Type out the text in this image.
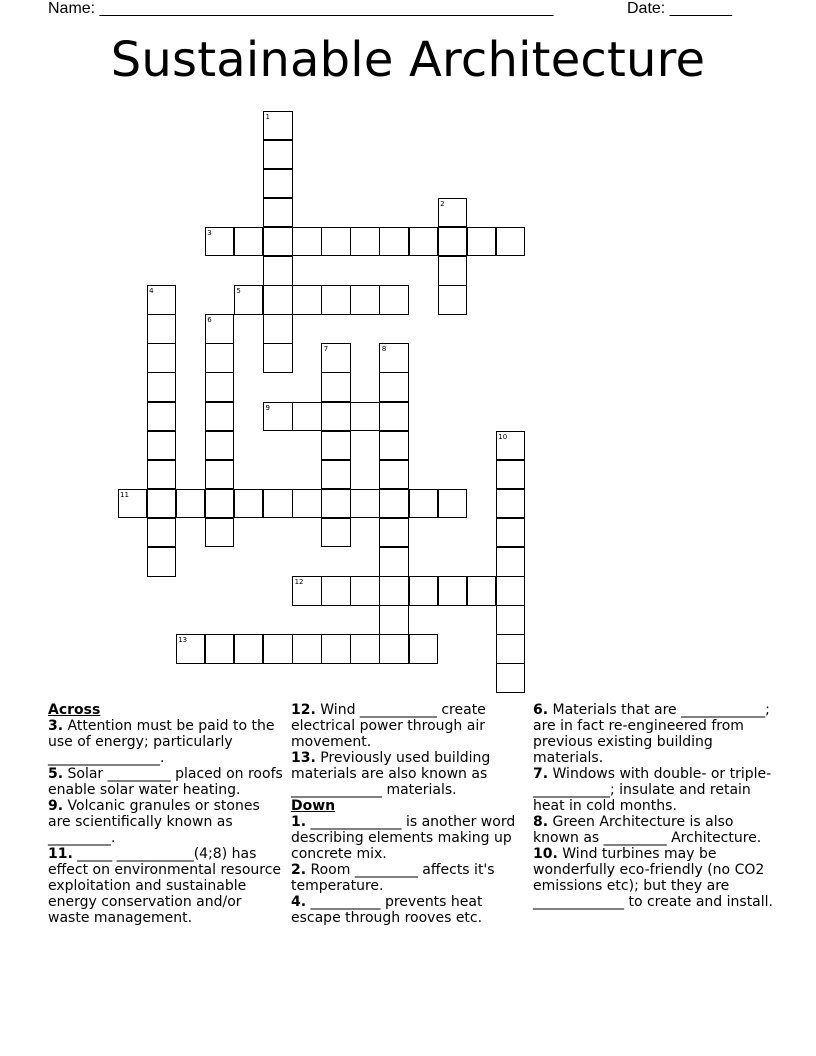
Name: ___________________________________________________	Date: _______
Sustainable Architecture
3
5
9
11
12
13
1
2
4
6
7	8
10

Across

3. Attention must be paid to the use of energy; particularly ________________.

5. Solar _________ placed on roofs enable solar water heating.

9. Volcanic granules or stones are scientifically known as _________.

11. _____ ___________(4;8) has effect on environmental resource exploitation and sustainable energy conservation and/or waste management.

12. Wind ___________ create electrical power through air movement.

13. Previously used building materials are also known as _____________ materials.

Down

1. _____________ is another word describing elements making up concrete mix.

2. Room _________ affects it's temperature.

4. __________ prevents heat escape through rooves etc.

6. Materials that are ____________; are in fact re-engineered from previous existing building materials.

7. Windows with double- or triple- ___________; insulate and retain heat in cold months.

8. Green Architecture is also known as _________ Architecture.

10. Wind turbines may be wonderfully eco-friendly (no CO2 emissions etc); but they are _____________ to create and install.
